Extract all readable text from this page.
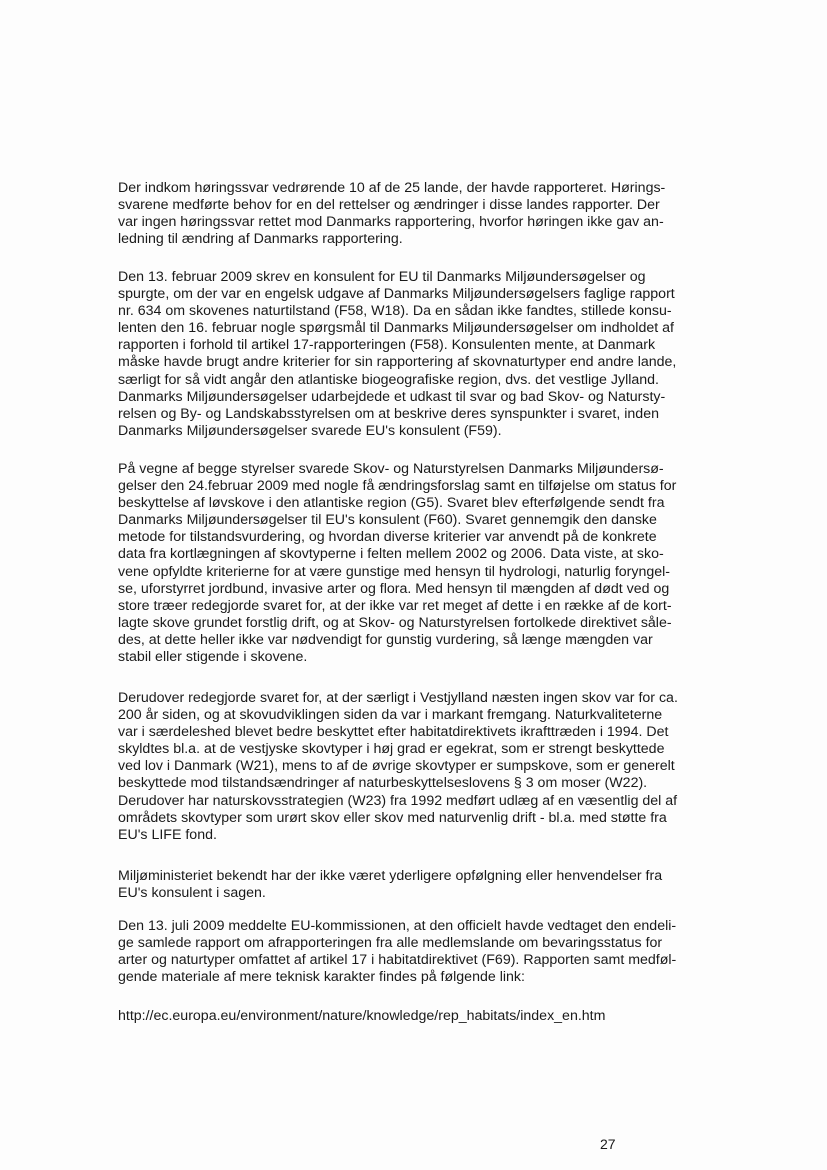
Der indkom høringssvar vedrørende 10 af de 25 lande, der havde rapporteret. Hørings-
svarene medførte behov for en del rettelser og ændringer i disse landes rapporter. Der
var ingen høringssvar rettet mod Danmarks rapportering, hvorfor høringen ikke gav an-
ledning til ændring af Danmarks rapportering.
Den 13. februar 2009 skrev en konsulent for EU til Danmarks Miljøundersøgelser og
spurgte, om der var en engelsk udgave af Danmarks Miljøundersøgelsers faglige rapport
nr. 634 om skovenes naturtilstand (F58, W18). Da en sådan ikke fandtes, stillede konsu-
lenten den 16. februar nogle spørgsmål til Danmarks Miljøundersøgelser om indholdet af
rapporten i forhold til artikel 17-rapporteringen (F58). Konsulenten mente, at Danmark
måske havde brugt andre kriterier for sin rapportering af skovnaturtyper end andre lande,
særligt for så vidt angår den atlantiske biogeografiske region, dvs. det vestlige Jylland.
Danmarks Miljøundersøgelser udarbejdede et udkast til svar og bad Skov- og Natursty-
relsen og By- og Landskabsstyrelsen om at beskrive deres synspunkter i svaret, inden
Danmarks Miljøundersøgelser svarede EU's konsulent (F59).
På vegne af begge styrelser svarede Skov- og Naturstyrelsen Danmarks Miljøundersø-
gelser den 24.februar 2009 med nogle få ændringsforslag samt en tilføjelse om status for
beskyttelse af løvskove i den atlantiske region (G5). Svaret blev efterfølgende sendt fra
Danmarks Miljøundersøgelser til EU's konsulent (F60). Svaret gennemgik den danske
metode for tilstandsvurdering, og hvordan diverse kriterier var anvendt på de konkrete
data fra kortlægningen af skovtyperne i felten mellem 2002 og 2006. Data viste, at sko-
vene opfyldte kriterierne for at være gunstige med hensyn til hydrologi, naturlig foryngel-
se, uforstyrret jordbund, invasive arter og flora. Med hensyn til mængden af dødt ved og
store træer redegjorde svaret for, at der ikke var ret meget af dette i en række af de kort-
lagte skove grundet forstlig drift, og at Skov- og Naturstyrelsen fortolkede direktivet såle-
des, at dette heller ikke var nødvendigt for gunstig vurdering, så længe mængden var
stabil eller stigende i skovene.
Derudover redegjorde svaret for, at der særligt i Vestjylland næsten ingen skov var for ca.
200 år siden, og at skovudviklingen siden da var i markant fremgang. Naturkvaliteterne
var i særdeleshed blevet bedre beskyttet efter habitatdirektivets ikrafttræden i 1994. Det
skyldtes bl.a. at de vestjyske skovtyper i høj grad er egekrat, som er strengt beskyttede
ved lov i Danmark (W21), mens to af de øvrige skovtyper er sumpskove, som er generelt
beskyttede mod tilstandsændringer af naturbeskyttelseslovens § 3 om moser (W22).
Derudover har naturskovsstrategien (W23) fra 1992 medført udlæg af en væsentlig del af
områdets skovtyper som urørt skov eller skov med naturvenlig drift - bl.a. med støtte fra
EU's LIFE fond.
Miljøministeriet bekendt har der ikke været yderligere opfølgning eller henvendelser fra
EU's konsulent i sagen.
Den 13. juli 2009 meddelte EU-kommissionen, at den officielt havde vedtaget den endeli-
ge samlede rapport om afrapporteringen fra alle medlemslande om bevaringsstatus for
arter og naturtyper omfattet af artikel 17 i habitatdirektivet (F69). Rapporten samt medføl-
gende materiale af mere teknisk karakter findes på følgende link:
http://ec.europa.eu/environment/nature/knowledge/rep_habitats/index_en.htm
27
